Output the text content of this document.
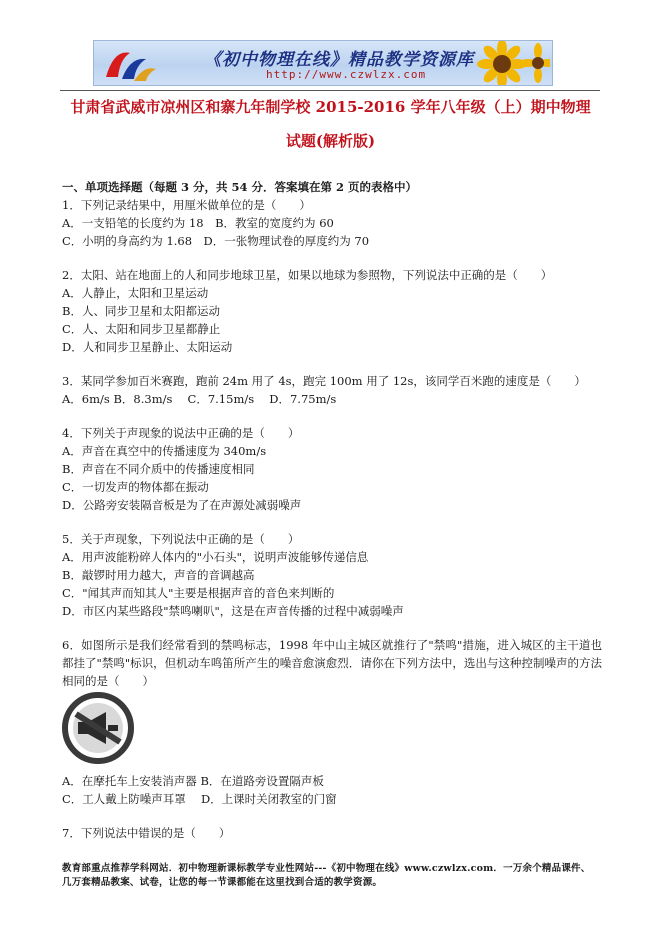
《初中物理在线》精品教学资源库
http://www.czwlzx.com
甘肃省武威市凉州区和寨九年制学校 2015-2016 学年八年级（上）期中物理
试题(解析版)
一、单项选择题（每题 3 分，共 54 分．答案填在第 2 页的表格中）
1．下列记录结果中，用厘米做单位的是（　　）
A．一支铅笔的长度约为 18　B．教室的宽度约为 60
C．小明的身高约为 1.68　D．一张物理试卷的厚度约为 70
2．太阳、站在地面上的人和同步地球卫星，如果以地球为参照物，下列说法中正确的是（　　）
A．人静止，太阳和卫星运动
B．人、同步卫星和太阳都运动
C．人、太阳和同步卫星都静止
D．人和同步卫星静止、太阳运动
3．某同学参加百米赛跑，跑前 24m 用了 4s，跑完 100m 用了 12s，该同学百米跑的速度是（　　）
A．6m/s B．8.3m/s　 C．7.15m/s　 D．7.75m/s
4．下列关于声现象的说法中正确的是（　　）
A．声音在真空中的传播速度为 340m/s
B．声音在不同介质中的传播速度相同
C．一切发声的物体都在振动
D．公路旁安装隔音板是为了在声源处减弱噪声
5．关于声现象，下列说法中正确的是（　　）
A．用声波能粉碎人体内的"小石头"，说明声波能够传递信息
B．敲锣时用力越大，声音的音调越高
C．"闻其声而知其人"主要是根据声音的音色来判断的
D．市区内某些路段"禁鸣喇叭"，这是在声音传播的过程中减弱噪声
6．如图所示是我们经常看到的禁鸣标志，1998 年中山主城区就推行了"禁鸣"措施，进入城区的主干道也都挂了"禁鸣"标识，但机动车鸣笛所产生的噪音愈演愈烈．请你在下列方法中，选出与这种控制噪声的方法相同的是（　　）
A．在摩托车上安装消声器 B．在道路旁设置隔声板
C．工人戴上防噪声耳罩　 D．上课时关闭教室的门窗
7．下列说法中错误的是（　　）
教育部重点推荐学科网站．初中物理新课标教学专业性网站---《初中物理在线》www.czwlzx.com．一万余个精品课件、
几万套精品教案、试卷，让您的每一节课都能在这里找到合适的教学资源。
